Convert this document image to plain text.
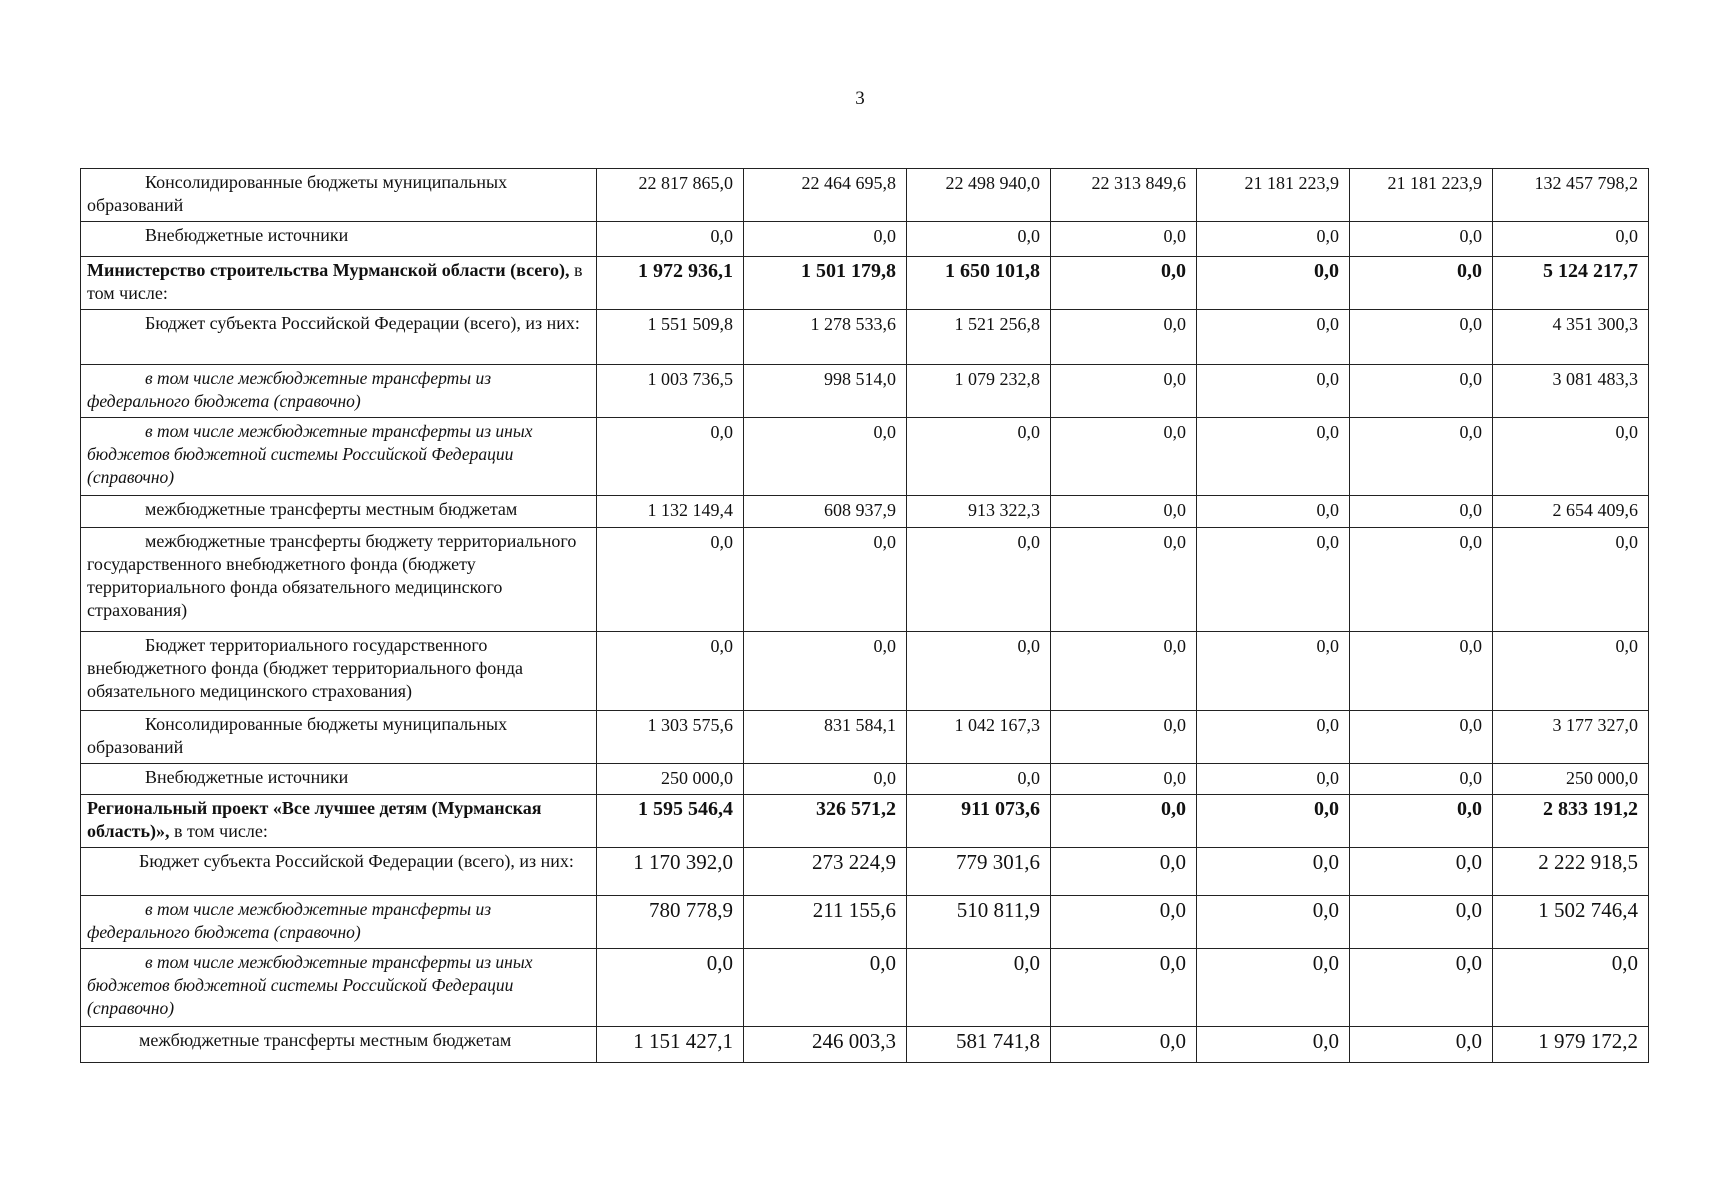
3
Консолидированные бюджеты муниципальных образований	22 817 865,0	22 464 695,8	22 498 940,0	22 313 849,6	21 181 223,9	21 181 223,9	132 457 798,2
Внебюджетные источники	0,0	0,0	0,0	0,0	0,0	0,0	0,0
Министерство строительства Мурманской области (всего), в том числе:	1 972 936,1	1 501 179,8	1 650 101,8	0,0	0,0	0,0	5 124 217,7
Бюджет субъекта Российской Федерации (всего), из них:	1 551 509,8	1 278 533,6	1 521 256,8	0,0	0,0	0,0	4 351 300,3
в том числе межбюджетные трансферты из федерального бюджета (справочно)	1 003 736,5	998 514,0	1 079 232,8	0,0	0,0	0,0	3 081 483,3
в том числе межбюджетные трансферты из иных бюджетов бюджетной системы Российской Федерации (справочно)	0,0	0,0	0,0	0,0	0,0	0,0	0,0
межбюджетные трансферты местным бюджетам	1 132 149,4	608 937,9	913 322,3	0,0	0,0	0,0	2 654 409,6
межбюджетные трансферты бюджету территориального государственного внебюджетного фонда (бюджету территориального фонда обязательного медицинского страхования)	0,0	0,0	0,0	0,0	0,0	0,0	0,0
Бюджет территориального государственного внебюджетного фонда (бюджет территориального фонда обязательного медицинского страхования)	0,0	0,0	0,0	0,0	0,0	0,0	0,0
Консолидированные бюджеты муниципальных образований	1 303 575,6	831 584,1	1 042 167,3	0,0	0,0	0,0	3 177 327,0
Внебюджетные источники	250 000,0	0,0	0,0	0,0	0,0	0,0	250 000,0
Региональный проект «Все лучшее детям (Мурманская область)», в том числе:	1 595 546,4	326 571,2	911 073,6	0,0	0,0	0,0	2 833 191,2
Бюджет субъекта Российской Федерации (всего), из них:	1 170 392,0	273 224,9	779 301,6	0,0	0,0	0,0	2 222 918,5
в том числе межбюджетные трансферты из федерального бюджета (справочно)	780 778,9	211 155,6	510 811,9	0,0	0,0	0,0	1 502 746,4
в том числе межбюджетные трансферты из иных бюджетов бюджетной системы Российской Федерации (справочно)	0,0	0,0	0,0	0,0	0,0	0,0	0,0
межбюджетные трансферты местным бюджетам	1 151 427,1	246 003,3	581 741,8	0,0	0,0	0,0	1 979 172,2
